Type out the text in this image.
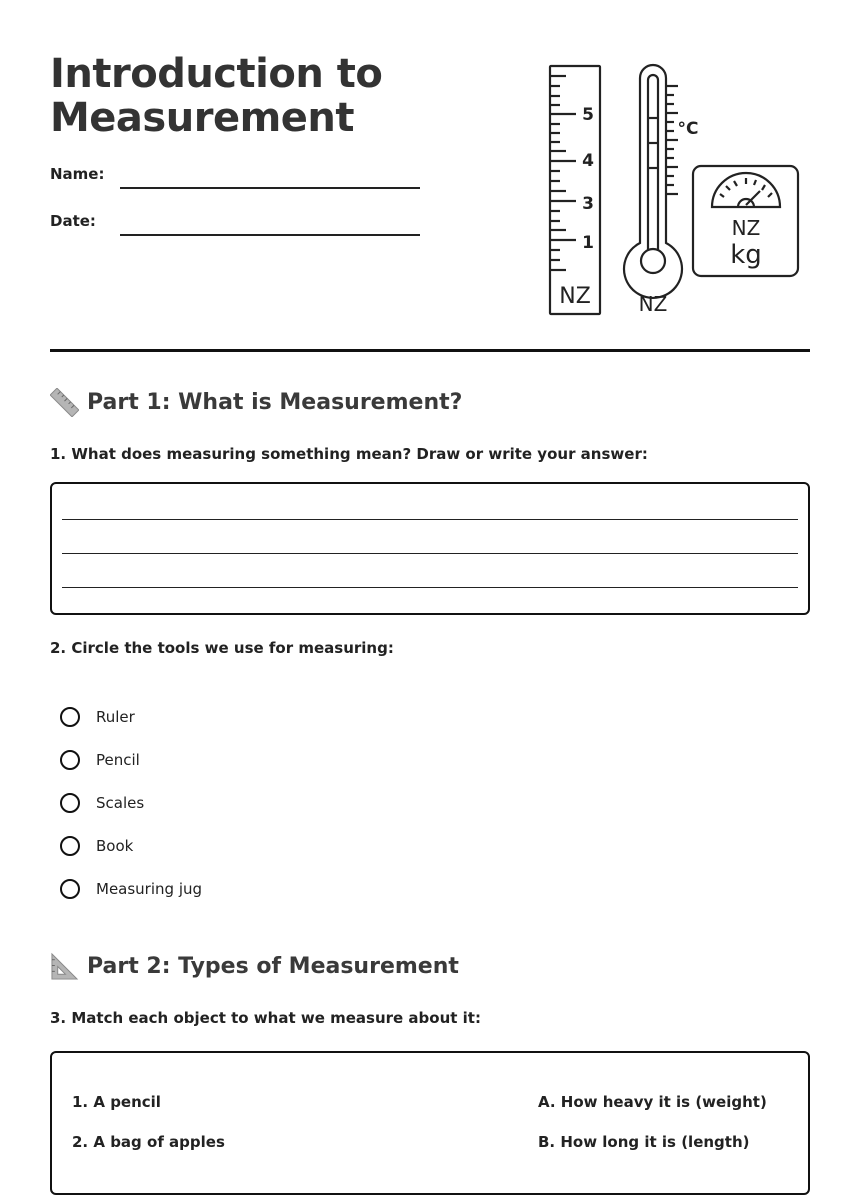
Introduction to
Measurement
Name:
Date:
5
4
3
1
NZ
°C
NZ
NZ
kg
Part 1: What is Measurement?
1. What does measuring something mean? Draw or write your answer:
2. Circle the tools we use for measuring:
Ruler
Pencil
Scales
Book
Measuring jug
Part 2: Types of Measurement
3. Match each object to what we measure about it:
1. A pencil
2. A bag of apples
A. How heavy it is (weight)
B. How long it is (length)
